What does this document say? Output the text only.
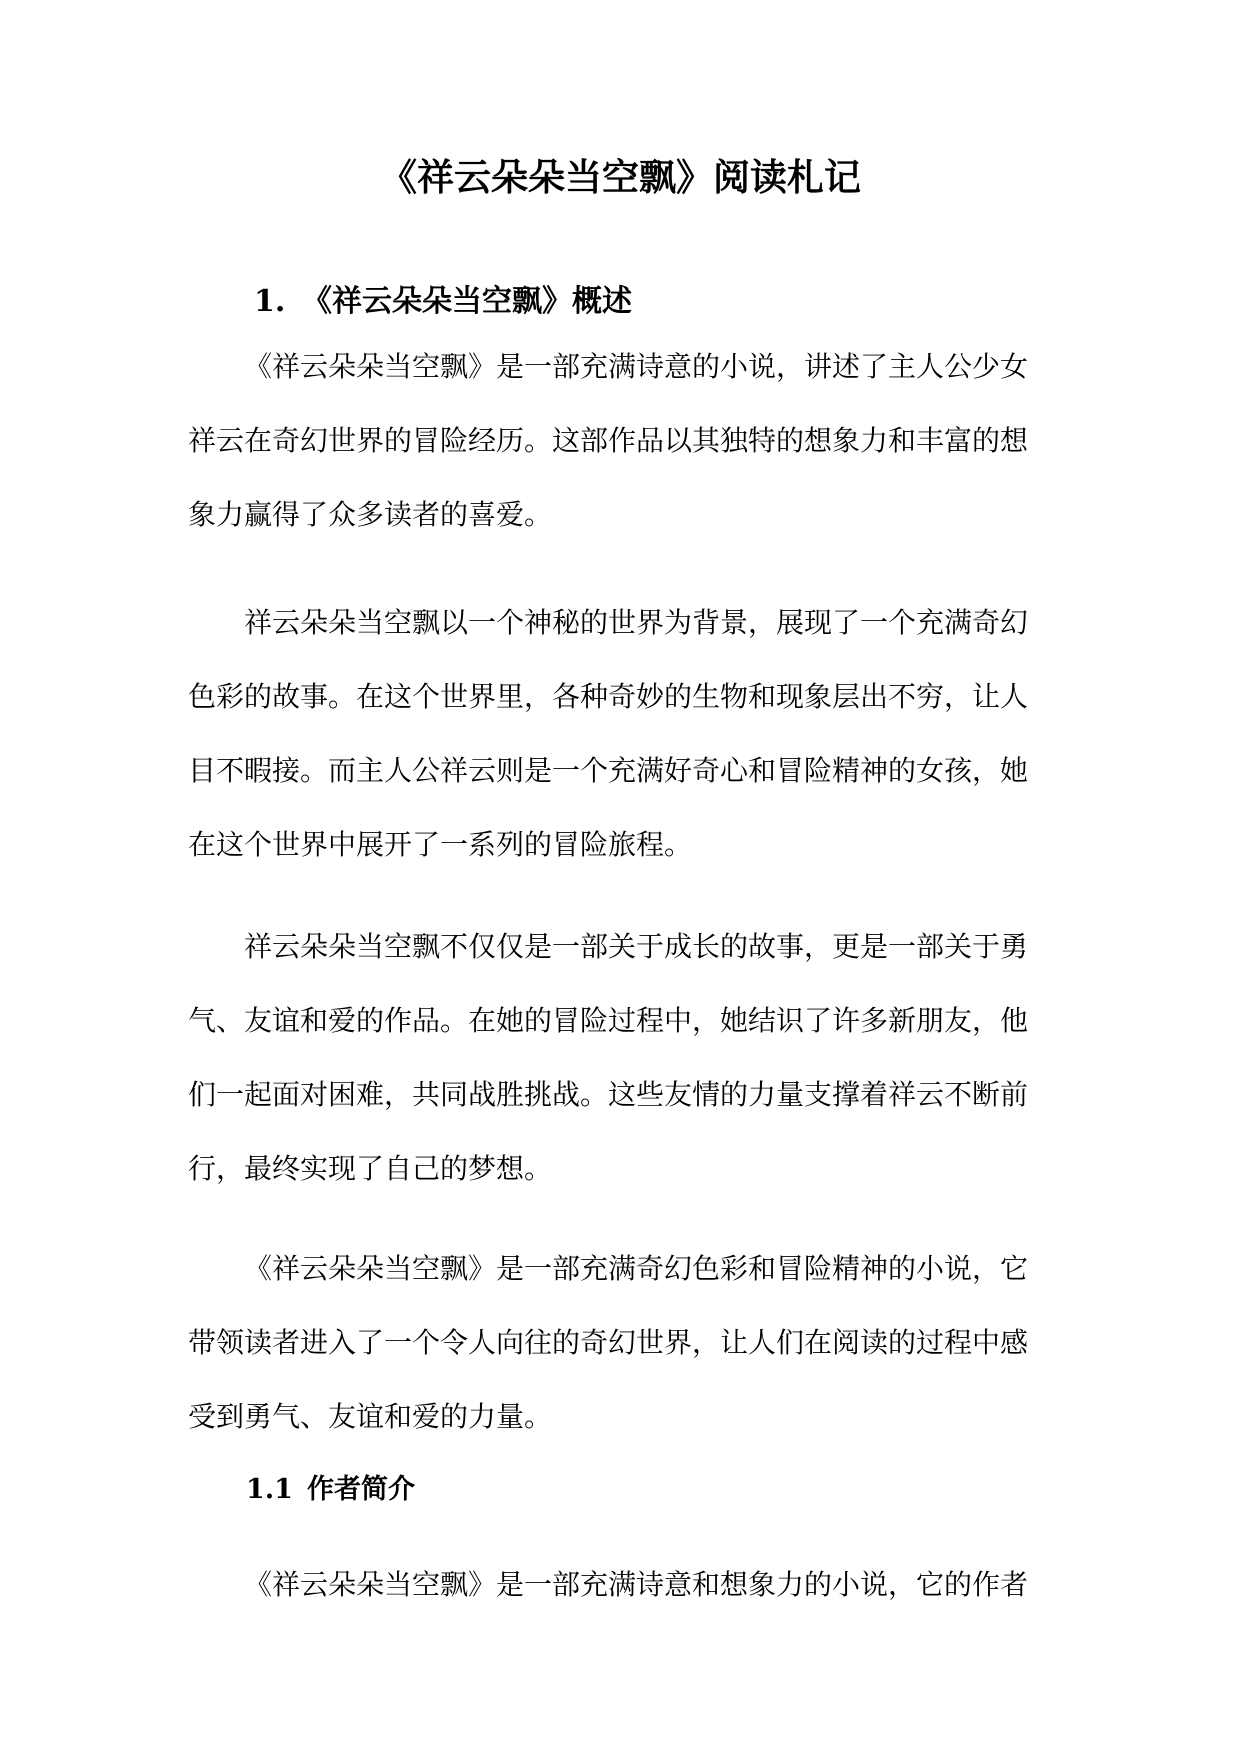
《祥云朵朵当空飘》阅读札记
1. 《祥云朵朵当空飘》概述
《祥云朵朵当空飘》是一部充满诗意的小说，讲述了主人公少女
祥云在奇幻世界的冒险经历。这部作品以其独特的想象力和丰富的想
象力赢得了众多读者的喜爱。
祥云朵朵当空飘以一个神秘的世界为背景，展现了一个充满奇幻
色彩的故事。在这个世界里，各种奇妙的生物和现象层出不穷，让人
目不暇接。而主人公祥云则是一个充满好奇心和冒险精神的女孩，她
在这个世界中展开了一系列的冒险旅程。
祥云朵朵当空飘不仅仅是一部关于成长的故事，更是一部关于勇
气、友谊和爱的作品。在她的冒险过程中，她结识了许多新朋友，他
们一起面对困难，共同战胜挑战。这些友情的力量支撑着祥云不断前
行，最终实现了自己的梦想。
《祥云朵朵当空飘》是一部充满奇幻色彩和冒险精神的小说，它
带领读者进入了一个令人向往的奇幻世界，让人们在阅读的过程中感
受到勇气、友谊和爱的力量。
1.1 作者简介
《祥云朵朵当空飘》是一部充满诗意和想象力的小说，它的作者
